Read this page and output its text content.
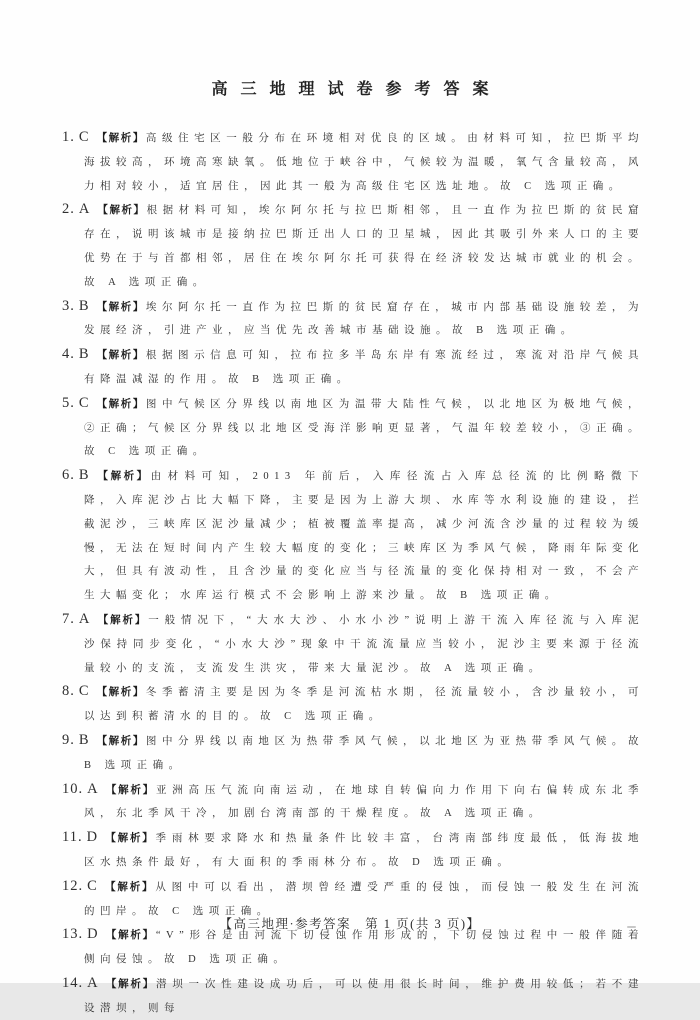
高三地理试卷参考答案

1. C 【解析】高级住宅区一般分布在环境相对优良的区域。由材料可知，拉巴斯平均海拔较高，环境高寒缺氧。低地位于峡谷中，气候较为温暖，氧气含量较高，风力相对较小，适宜居住，因此其一般为高级住宅区选址地。故 C 选项正确。

2. A 【解析】根据材料可知，埃尔阿尔托与拉巴斯相邻，且一直作为拉巴斯的贫民窟存在，说明该城市是接纳拉巴斯迁出人口的卫星城，因此其吸引外来人口的主要优势在于与首都相邻，居住在埃尔阿尔托可获得在经济较发达城市就业的机会。故 A 选项正确。

3. B 【解析】埃尔阿尔托一直作为拉巴斯的贫民窟存在，城市内部基础设施较差，为发展经济，引进产业，应当优先改善城市基础设施。故 B 选项正确。

4. B 【解析】根据图示信息可知，拉布拉多半岛东岸有寒流经过，寒流对沿岸气候具有降温减湿的作用。故 B 选项正确。

5. C 【解析】图中气候区分界线以南地区为温带大陆性气候，以北地区为极地气候，②正确；气候区分界线以北地区受海洋影响更显著，气温年较差较小，③正确。故 C 选项正确。

6. B 【解析】由材料可知，2013 年前后，入库径流占入库总径流的比例略微下降，入库泥沙占比大幅下降，主要是因为上游大坝、水库等水利设施的建设，拦截泥沙，三峡库区泥沙量减少；植被覆盖率提高，减少河流含沙量的过程较为缓慢，无法在短时间内产生较大幅度的变化；三峡库区为季风气候，降雨年际变化大，但具有波动性，且含沙量的变化应当与径流量的变化保持相对一致，不会产生大幅变化；水库运行模式不会影响上游来沙量。故 B 选项正确。

7. A 【解析】一般情况下，“大水大沙、小水小沙”说明上游干流入库径流与入库泥沙保持同步变化，“小水大沙”现象中干流流量应当较小，泥沙主要来源于径流量较小的支流，支流发生洪灾，带来大量泥沙。故 A 选项正确。

8. C 【解析】冬季蓄清主要是因为冬季是河流枯水期，径流量较小，含沙量较小，可以达到积蓄清水的目的。故 C 选项正确。

9. B 【解析】图中分界线以南地区为热带季风气候，以北地区为亚热带季风气候。故 B 选项正确。

10. A 【解析】亚洲高压气流向南运动，在地球自转偏向力作用下向右偏转成东北季风，东北季风干冷，加剧台湾南部的干燥程度。故 A 选项正确。

11. D 【解析】季雨林要求降水和热量条件比较丰富，台湾南部纬度最低，低海拔地区水热条件最好，有大面积的季雨林分布。故 D 选项正确。

12. C 【解析】从图中可以看出，潜坝曾经遭受严重的侵蚀，而侵蚀一般发生在河流的凹岸。故 C 选项正确。

13. D 【解析】“V”形谷是由河流下切侵蚀作用形成的，下切侵蚀过程中一般伴随着侧向侵蚀。故 D 选项正确。

14. A 【解析】潜坝一次性建设成功后，可以使用很长时间，维护费用较低；若不建设潜坝，则每

【高三地理·参考答案　第 1 页(共 3 页)】
